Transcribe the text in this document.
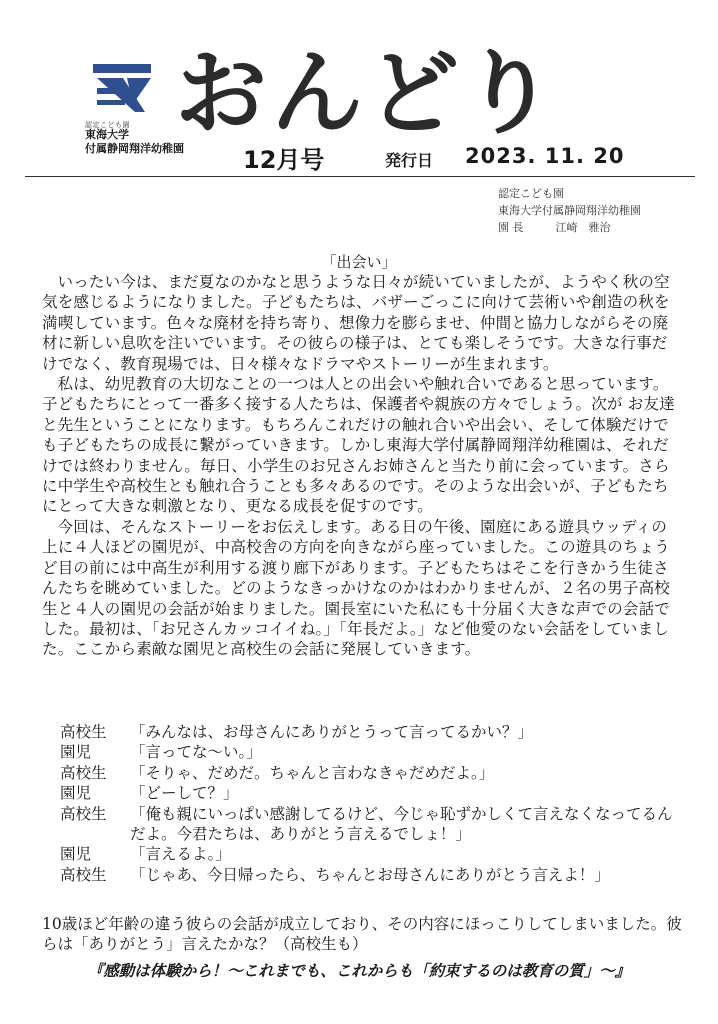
認定こども園
東海大学
付属静岡翔洋幼稚園
おんどり
12月号	発行日 2023. 11. 20
認定こども園
東海大学付属静岡翔洋幼稚園
園 長	江崎　雅治
「出会い」

いったい今は、まだ夏なのかなと思うような日々が続いていましたが、ようやく秋の空気を感じるようになりました。子どもたちは、バザーごっこに向けて芸術いや創造の秋を満喫しています。色々な廃材を持ち寄り、想像力を膨らませ、仲間と協力しながらその廃材に新しい息吹を注いでいます。その彼らの様子は、とても楽しそうです。大きな行事だけでなく、教育現場では、日々様々なドラマやストーリーが生まれます。

私は、幼児教育の大切なことの一つは人との出会いや触れ合いであると思っています。子どもたちにとって一番多く接する人たちは、保護者や親族の方々でしょう。次が お友達と先生ということになります。もちろんこれだけの触れ合いや出会い、そして体験だけでも子どもたちの成長に繋がっていきます。しかし東海大学付属静岡翔洋幼稚園は、それだけでは終わりません。毎日、小学生のお兄さんお姉さんと当たり前に会っています。さらに中学生や高校生とも触れ合うことも多々あるのです。そのような出会いが、子どもたちにとって大きな刺激となり、更なる成長を促すのです。

今回は、そんなストーリーをお伝えします。ある日の午後、園庭にある遊具ウッディの上に４人ほどの園児が、中高校舎の方向を向きながら座っていました。この遊具のちょうど目の前には中高生が利用する渡り廊下があります。子どもたちはそこを行きかう生徒さんたちを眺めていました。どのようなきっかけなのかはわかりませんが、２名の男子高校生と４人の園児の会話が始まりました。園長室にいた私にも十分届く大きな声での会話でした。最初は、「お兄さんカッコイイね。」「年長だよ。」など他愛のない会話をしていました。ここから素敵な園児と高校生の会話に発展していきます。

高校生	「みんなは、お母さんにありがとうって言ってるかい？」
園児	「言ってな～い。」
高校生	「そりゃ、だめだ。ちゃんと言わなきゃだめだよ。」
園児	「どーして？」
高校生	「俺も親にいっぱい感謝してるけど、今じゃ恥ずかしくて言えなくなってるんだよ。今君たちは、ありがとう言えるでしょ！」
園児	「言えるよ。」
高校生	「じゃあ、今日帰ったら、ちゃんとお母さんにありがとう言えよ！」
10歳ほど年齢の違う彼らの会話が成立しており、その内容にほっこりしてしまいました。彼らは「ありがとう」言えたかな？（高校生も）
『感動は体験から！～これまでも、これからも「約束するのは教育の質」～』
